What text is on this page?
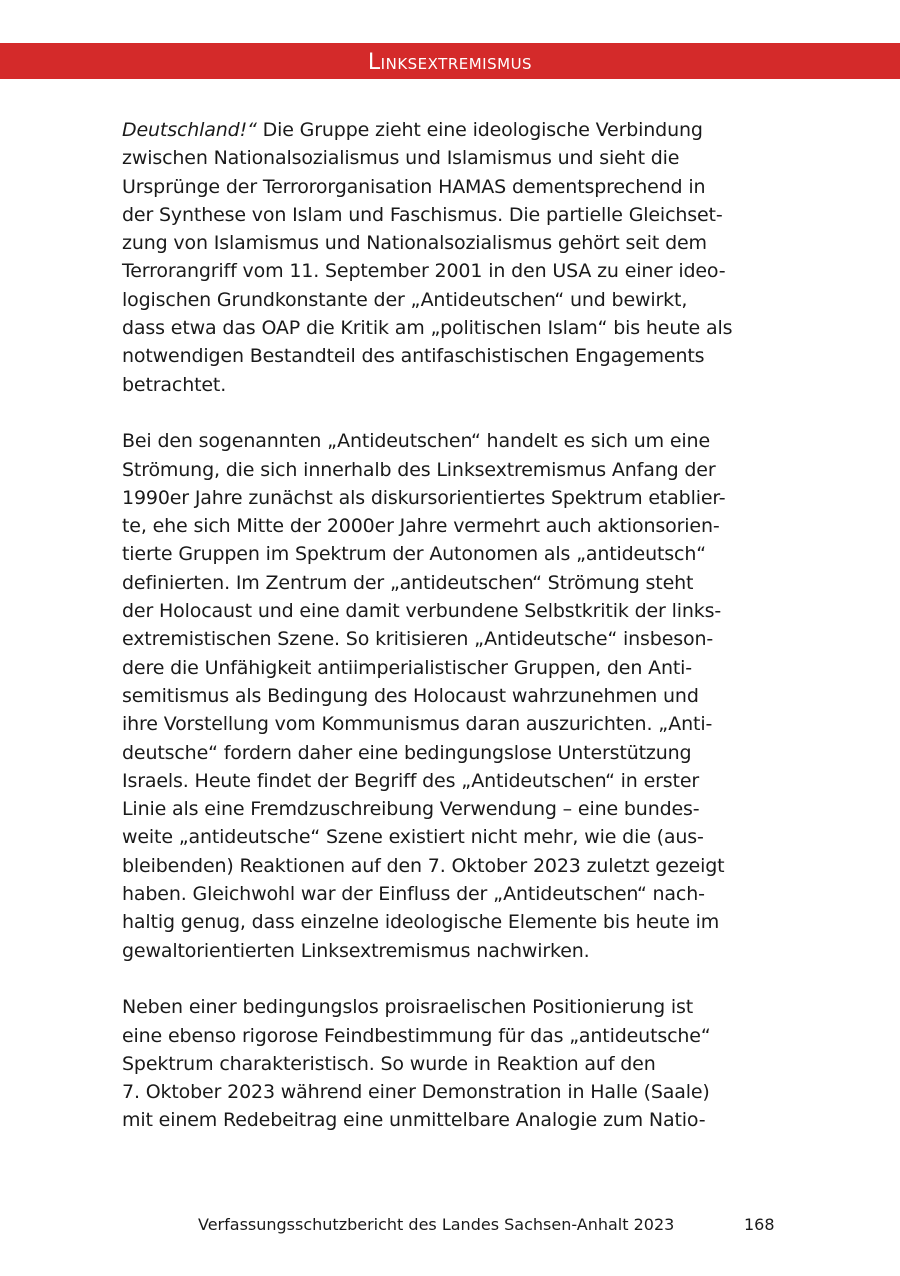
Linksextremismus

Deutschland!“ Die Gruppe zieht eine ideologische Verbindung
zwischen Nationalsozialismus und Islamismus und sieht die
Ursprünge der Terrororganisation HAMAS dementsprechend in
der Synthese von Islam und Faschismus. Die partielle Gleichset-
zung von Islamismus und Nationalsozialismus gehört seit dem
Terrorangriff vom 11. September 2001 in den USA zu einer ideo-
logischen Grundkonstante der „Antideutschen“ und bewirkt,
dass etwa das OAP die Kritik am „politischen Islam“ bis heute als
notwendigen Bestandteil des antifaschistischen Engagements
betrachtet.

Bei den sogenannten „Antideutschen“ handelt es sich um eine
Strömung, die sich innerhalb des Linksextremismus Anfang der
1990er Jahre zunächst als diskursorientiertes Spektrum etablier-
te, ehe sich Mitte der 2000er Jahre vermehrt auch aktionsorien-
tierte Gruppen im Spektrum der Autonomen als „antideutsch“
definierten. Im Zentrum der „antideutschen“ Strömung steht
der Holocaust und eine damit verbundene Selbstkritik der links-
extremistischen Szene. So kritisieren „Antideutsche“ insbeson-
dere die Unfähigkeit antiimperialistischer Gruppen, den Anti-
semitismus als Bedingung des Holocaust wahrzunehmen und
ihre Vorstellung vom Kommunismus daran auszurichten. „Anti-
deutsche“ fordern daher eine bedingungslose Unterstützung
Israels. Heute findet der Begriff des „Antideutschen“ in erster
Linie als eine Fremdzuschreibung Verwendung – eine bundes-
weite „antideutsche“ Szene existiert nicht mehr, wie die (aus-
bleibenden) Reaktionen auf den 7. Oktober 2023 zuletzt gezeigt
haben. Gleichwohl war der Einfluss der „Antideutschen“ nach-
haltig genug, dass einzelne ideologische Elemente bis heute im
gewaltorientierten Linksextremismus nachwirken.

Neben einer bedingungslos proisraelischen Positionierung ist
eine ebenso rigorose Feindbestimmung für das „antideutsche“
Spektrum charakteristisch. So wurde in Reaktion auf den
7. Oktober 2023 während einer Demonstration in Halle (Saale)
mit einem Redebeitrag eine unmittelbare Analogie zum Natio-

Verfassungsschutzbericht des Landes Sachsen-Anhalt 2023	168
